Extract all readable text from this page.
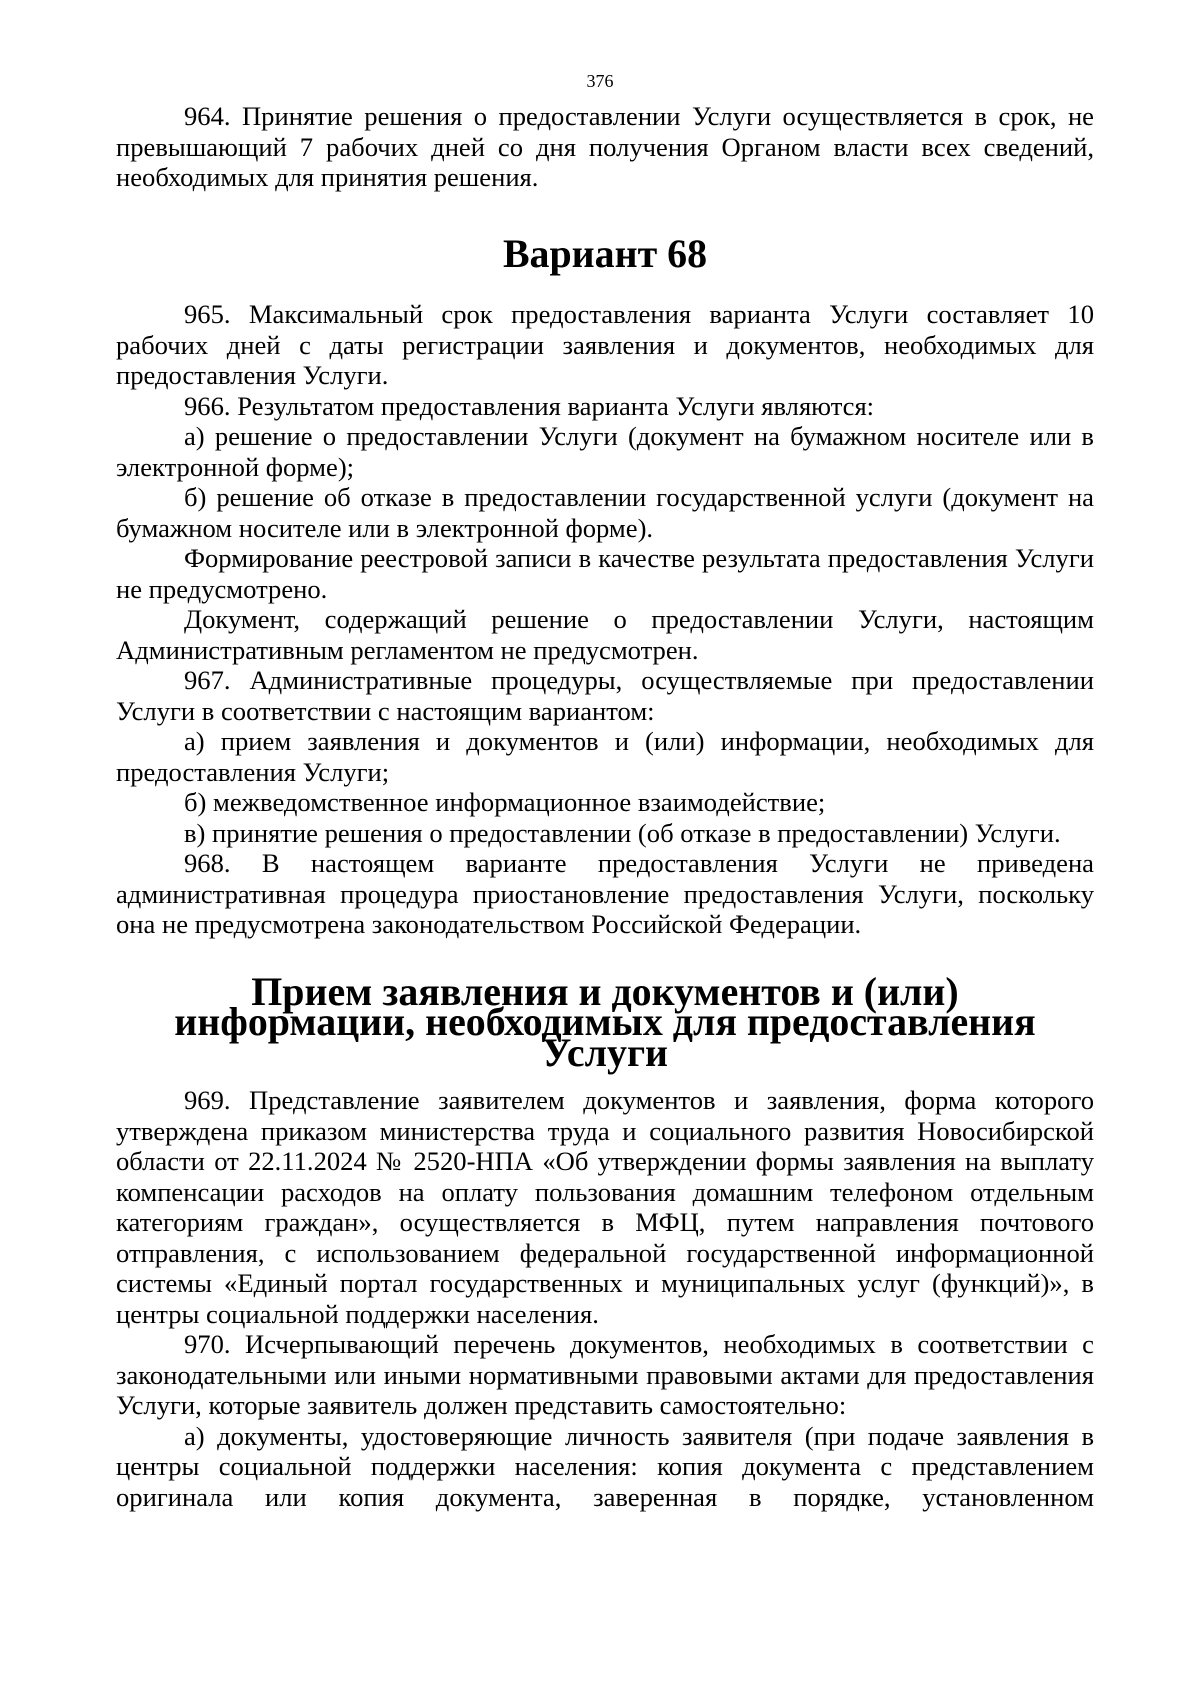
376

964. Принятие решения о предоставлении Услуги осуществляется в срок, не превышающий 7 рабочих дней со дня получения Органом власти всех сведений, необходимых для принятия решения.

Вариант 68

965. Максимальный срок предоставления варианта Услуги составляет 10 рабочих дней с даты регистрации заявления и документов, необходимых для предоставления Услуги.

966. Результатом предоставления варианта Услуги являются:

а) решение о предоставлении Услуги (документ на бумажном носителе или в электронной форме);

б) решение об отказе в предоставлении государственной услуги (документ на бумажном носителе или в электронной форме).

Формирование реестровой записи в качестве результата предоставления Услуги не предусмотрено.

Документ, содержащий решение о предоставлении Услуги, настоящим Административным регламентом не предусмотрен.

967. Административные процедуры, осуществляемые при предоставлении Услуги в соответствии с настоящим вариантом:

а) прием заявления и документов и (или) информации, необходимых для предоставления Услуги;

б) межведомственное информационное взаимодействие;

в) принятие решения о предоставлении (об отказе в предоставлении) Услуги.

968. В настоящем варианте предоставления Услуги не приведена административная процедура приостановление предоставления Услуги, поскольку она не предусмотрена законодательством Российской Федерации.

Прием заявления и документов и (или) информации, необходимых для предоставления Услуги

969. Представление заявителем документов и заявления, форма которого утверждена приказом министерства труда и социального развития Новосибирской области от 22.11.2024 № 2520-НПА «Об утверждении формы заявления на выплату компенсации расходов на оплату пользования домашним телефоном отдельным категориям граждан», осуществляется в МФЦ, путем направления почтового отправления, с использованием федеральной государственной информационной системы «Единый портал государственных и муниципальных услуг (функций)», в центры социальной поддержки населения.

970. Исчерпывающий перечень документов, необходимых в соответствии с законодательными или иными нормативными правовыми актами для предоставления Услуги, которые заявитель должен представить самостоятельно:

а) документы, удостоверяющие личность заявителя (при подаче заявления в центры социальной поддержки населения: копия документа с представлением оригинала или копия документа, заверенная в порядке, установленном
